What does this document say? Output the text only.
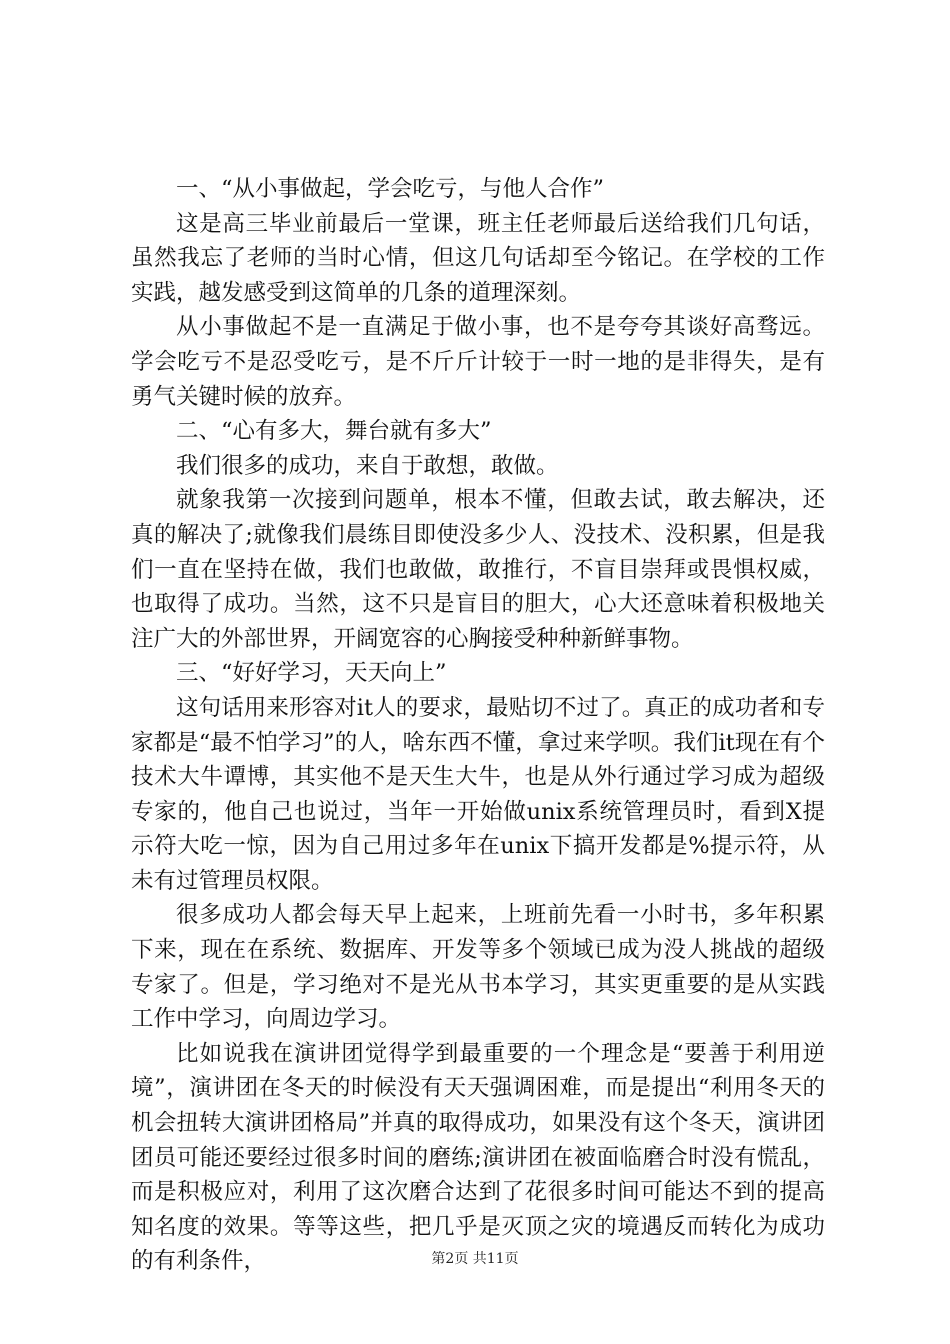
一、“从小事做起，学会吃亏，与他人合作”

这是高三毕业前最后一堂课，班主任老师最后送给我们几句话，虽然我忘了老师的当时心情，但这几句话却至今铭记。在学校的工作实践，越发感受到这简单的几条的道理深刻。

从小事做起不是一直满足于做小事，也不是夸夸其谈好高骛远。学会吃亏不是忍受吃亏，是不斤斤计较于一时一地的是非得失，是有勇气关键时候的放弃。

二、“心有多大，舞台就有多大”

我们很多的成功，来自于敢想，敢做。

就象我第一次接到问题单，根本不懂，但敢去试，敢去解决，还真的解决了;就像我们晨练目即使没多少人、没技术、没积累，但是我们一直在坚持在做，我们也敢做，敢推行，不盲目崇拜或畏惧权威，也取得了成功。当然，这不只是盲目的胆大，心大还意味着积极地关注广大的外部世界，开阔宽容的心胸接受种种新鲜事物。

三、“好好学习，天天向上”

这句话用来形容对it人的要求，最贴切不过了。真正的成功者和专家都是“最不怕学习”的人，啥东西不懂，拿过来学呗。我们it现在有个技术大牛谭博，其实他不是天生大牛，也是从外行通过学习成为超级专家的，他自己也说过，当年一开始做unix系统管理员时，看到X提示符大吃一惊，因为自己用过多年在unix下搞开发都是%提示符，从未有过管理员权限。

很多成功人都会每天早上起来，上班前先看一小时书，多年积累下来，现在在系统、数据库、开发等多个领域已成为没人挑战的超级专家了。但是，学习绝对不是光从书本学习，其实更重要的是从实践工作中学习，向周边学习。

比如说我在演讲团觉得学到最重要的一个理念是“要善于利用逆境”，演讲团在冬天的时候没有天天强调困难，而是提出“利用冬天的机会扭转大演讲团格局”并真的取得成功，如果没有这个冬天，演讲团团员可能还要经过很多时间的磨练;演讲团在被面临磨合时没有慌乱，而是积极应对，利用了这次磨合达到了花很多时间可能达不到的提高知名度的效果。等等这些，把几乎是灭顶之灾的境遇反而转化为成功的有利条件，	第2页 共11页
